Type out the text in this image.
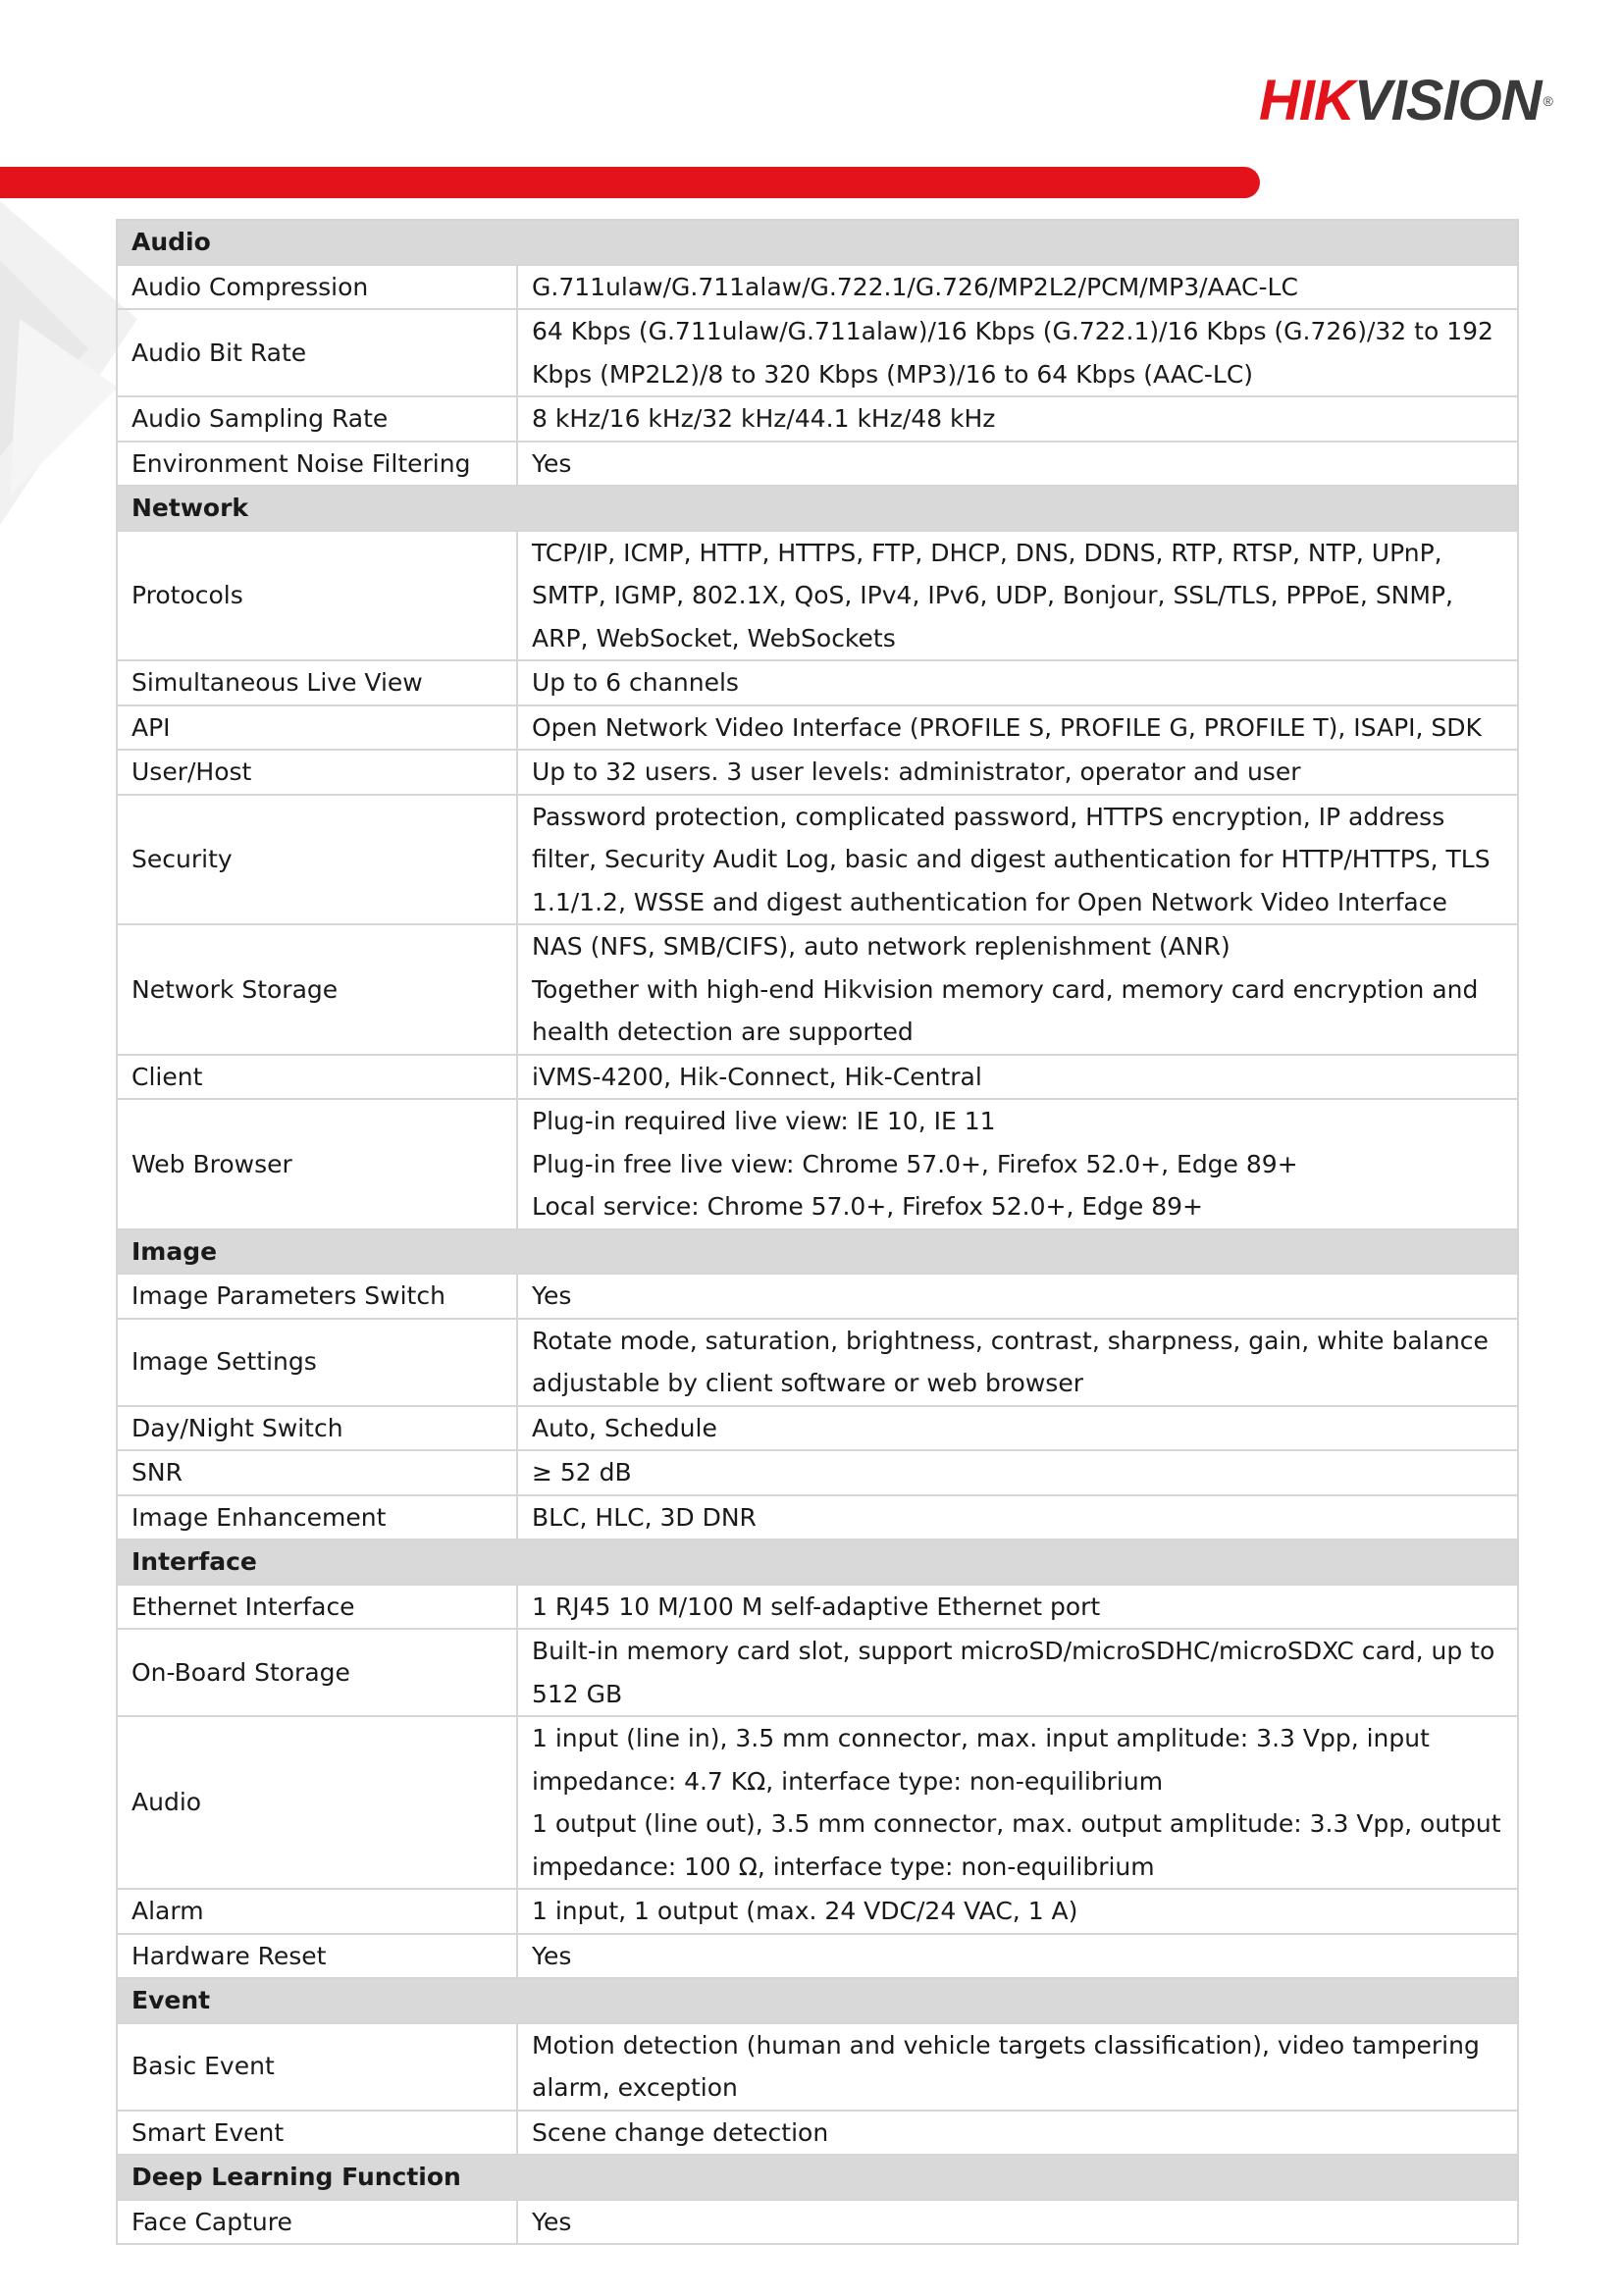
HIKVISION ®
Audio	
Audio Compression	G.711ulaw/G.711alaw/G.722.1/G.726/MP2L2/PCM/MP3/AAC-LC

Audio Bit Rate	64 Kbps (G.711ulaw/G.711alaw)/16 Kbps (G.722.1)/16 Kbps (G.726)/32 to 192 Kbps (MP2L2)/8 to 320 Kbps (MP3)/16 to 64 Kbps (AAC-LC)

Audio Sampling Rate	8 kHz/16 kHz/32 kHz/44.1 kHz/48 kHz

Environment Noise Filtering	Yes

Network	
Protocols	TCP/IP, ICMP, HTTP, HTTPS, FTP, DHCP, DNS, DDNS, RTP, RTSP, NTP, UPnP, SMTP, IGMP, 802.1X, QoS, IPv4, IPv6, UDP, Bonjour, SSL/TLS, PPPoE, SNMP, ARP, WebSocket, WebSockets

Simultaneous Live View	Up to 6 channels

API	Open Network Video Interface (PROFILE S, PROFILE G, PROFILE T), ISAPI, SDK

User/Host	Up to 32 users. 3 user levels: administrator, operator and user

Security	Password protection, complicated password, HTTPS encryption, IP address filter, Security Audit Log, basic and digest authentication for HTTP/HTTPS, TLS 1.1/1.2, WSSE and digest authentication for Open Network Video Interface

Network Storage	NAS (NFS, SMB/CIFS), auto network replenishment (ANR)
Together with high-end Hikvision memory card, memory card encryption and health detection are supported

Client	iVMS-4200, Hik-Connect, Hik-Central

Web Browser	Plug-in required live view: IE 10, IE 11
Plug-in free live view: Chrome 57.0+, Firefox 52.0+, Edge 89+
Local service: Chrome 57.0+, Firefox 52.0+, Edge 89+

Image	
Image Parameters Switch	Yes

Image Settings	Rotate mode, saturation, brightness, contrast, sharpness, gain, white balance adjustable by client software or web browser

Day/Night Switch	Auto, Schedule

SNR	≥ 52 dB

Image Enhancement	BLC, HLC, 3D DNR

Interface	
Ethernet Interface	1 RJ45 10 M/100 M self-adaptive Ethernet port

On-Board Storage	Built-in memory card slot, support microSD/microSDHC/microSDXC card, up to 512 GB

Audio	1 input (line in), 3.5 mm connector, max. input amplitude: 3.3 Vpp, input impedance: 4.7 KΩ, interface type: non-equilibrium
1 output (line out), 3.5 mm connector, max. output amplitude: 3.3 Vpp, output impedance: 100 Ω, interface type: non-equilibrium

Alarm	1 input, 1 output (max. 24 VDC/24 VAC, 1 A)

Hardware Reset	Yes

Event	
Basic Event	Motion detection (human and vehicle targets classification), video tampering alarm, exception

Smart Event	Scene change detection

Deep Learning Function	
Face Capture	Yes
